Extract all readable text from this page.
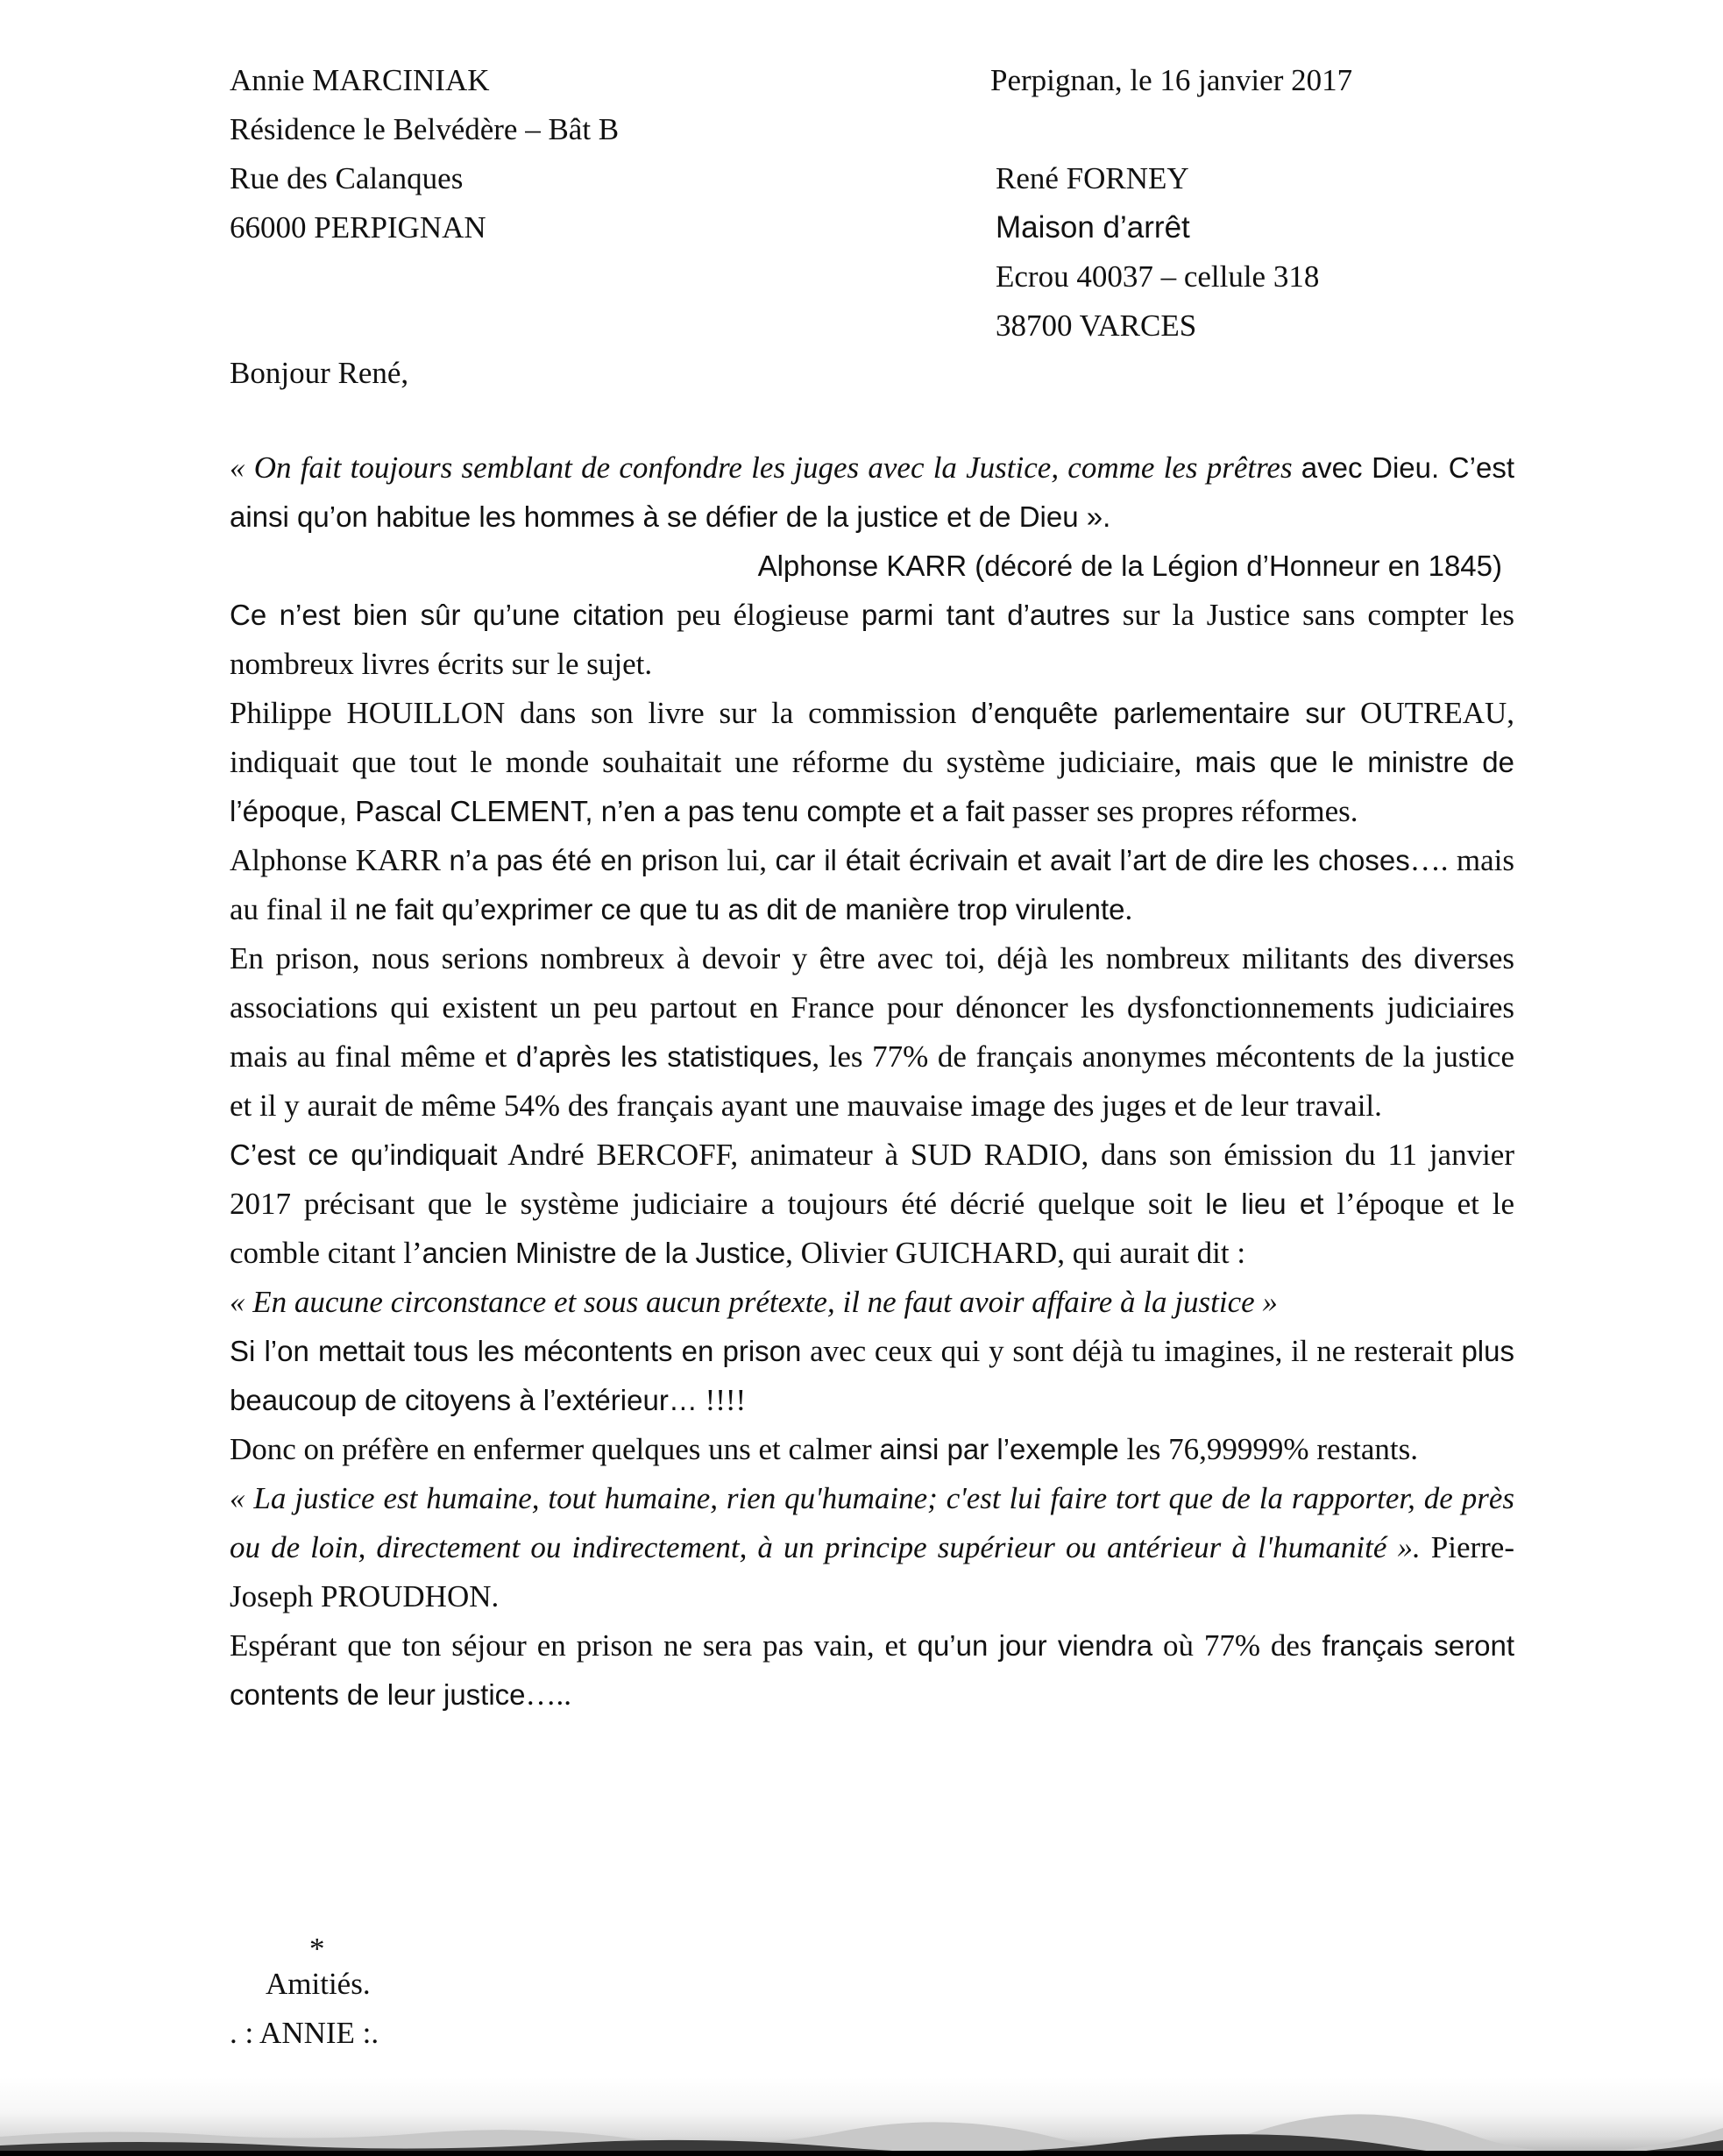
Annie MARCINIAK
Résidence le Belvédère – Bât B
Rue des Calanques
66000 PERPIGNAN
Perpignan, le 16 janvier 2017
René FORNEY
Maison d’arrêt
Ecrou 40037 – cellule 318
38700 VARCES
Bonjour René,

« On fait toujours semblant de confondre les juges avec la Justice, comme les prêtres avec Dieu. C’est ainsi qu’on habitue les hommes à se défier de la justice et de Dieu ».

Alphonse KARR (décoré de la Légion d’Honneur en 1845)

Ce n’est bien sûr qu’une citation peu élogieuse parmi tant d’autres sur la Justice sans compter les nombreux livres écrits sur le sujet.

Philippe HOUILLON dans son livre sur la commission d’enquête parlementaire sur OUTREAU, indiquait que tout le monde souhaitait une réforme du système judiciaire, mais que le ministre de l’époque, Pascal CLEMENT, n’en a pas tenu compte et a fait passer ses propres réformes.

Alphonse KARR n’a pas été en prison lui, car il était écrivain et avait l’art de dire les choses…. mais au final il ne fait qu’exprimer ce que tu as dit de manière trop virulente.

En prison, nous serions nombreux à devoir y être avec toi, déjà les nombreux militants des diverses associations qui existent un peu partout en France pour dénoncer les dysfonctionnements judiciaires mais au final même et d’après les statistiques, les 77% de français anonymes mécontents de la justice et il y aurait de même 54% des français ayant une mauvaise image des juges et de leur travail.

C’est ce qu’indiquait André BERCOFF, animateur à SUD RADIO, dans son émission du 11 janvier 2017 précisant que le système judiciaire a toujours été décrié quelque soit le lieu et l’époque et le comble citant l’ancien Ministre de la Justice, Olivier GUICHARD, qui aurait dit :

« En aucune circonstance et sous aucun prétexte, il ne faut avoir affaire à la justice »

Si l’on mettait tous les mécontents en prison avec ceux qui y sont déjà tu imagines, il ne resterait plus beaucoup de citoyens à l’extérieur… !!!!

Donc on préfère en enfermer quelques uns et calmer ainsi par l’exemple les 76,99999% restants.

« La justice est humaine, tout humaine, rien qu'humaine; c'est lui faire tort que de la rapporter, de près ou de loin, directement ou indirectement, à un principe supérieur ou antérieur à l'humanité ». Pierre-Joseph PROUDHON.

Espérant que ton séjour en prison ne sera pas vain, et qu’un jour viendra où 77% des français seront contents de leur justice…..

*
Amitiés.
. : ANNIE :.
